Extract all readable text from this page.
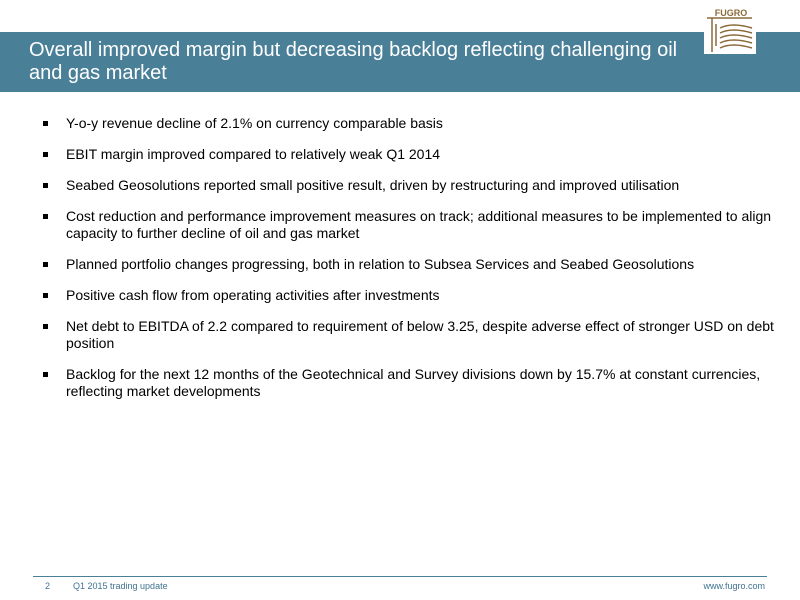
Overall improved margin but decreasing backlog reflecting challenging oil and gas market
FUGRO
Y-o-y revenue decline of 2.1% on currency comparable basis
EBIT margin improved compared to relatively weak Q1 2014
Seabed Geosolutions reported small positive result, driven by restructuring and improved utilisation
Cost reduction and performance improvement measures on track; additional measures to be implemented to align capacity to further decline of oil and gas market
Planned portfolio changes progressing, both in relation to Subsea Services and Seabed Geosolutions
Positive cash flow from operating activities after investments
Net debt to EBITDA of 2.2 compared to requirement of below 3.25, despite adverse effect of stronger USD on debt position
Backlog for the next 12 months of the Geotechnical and Survey divisions down by 15.7% at constant currencies, reflecting market developments
2	Q1 2015 trading update	www.fugro.com
